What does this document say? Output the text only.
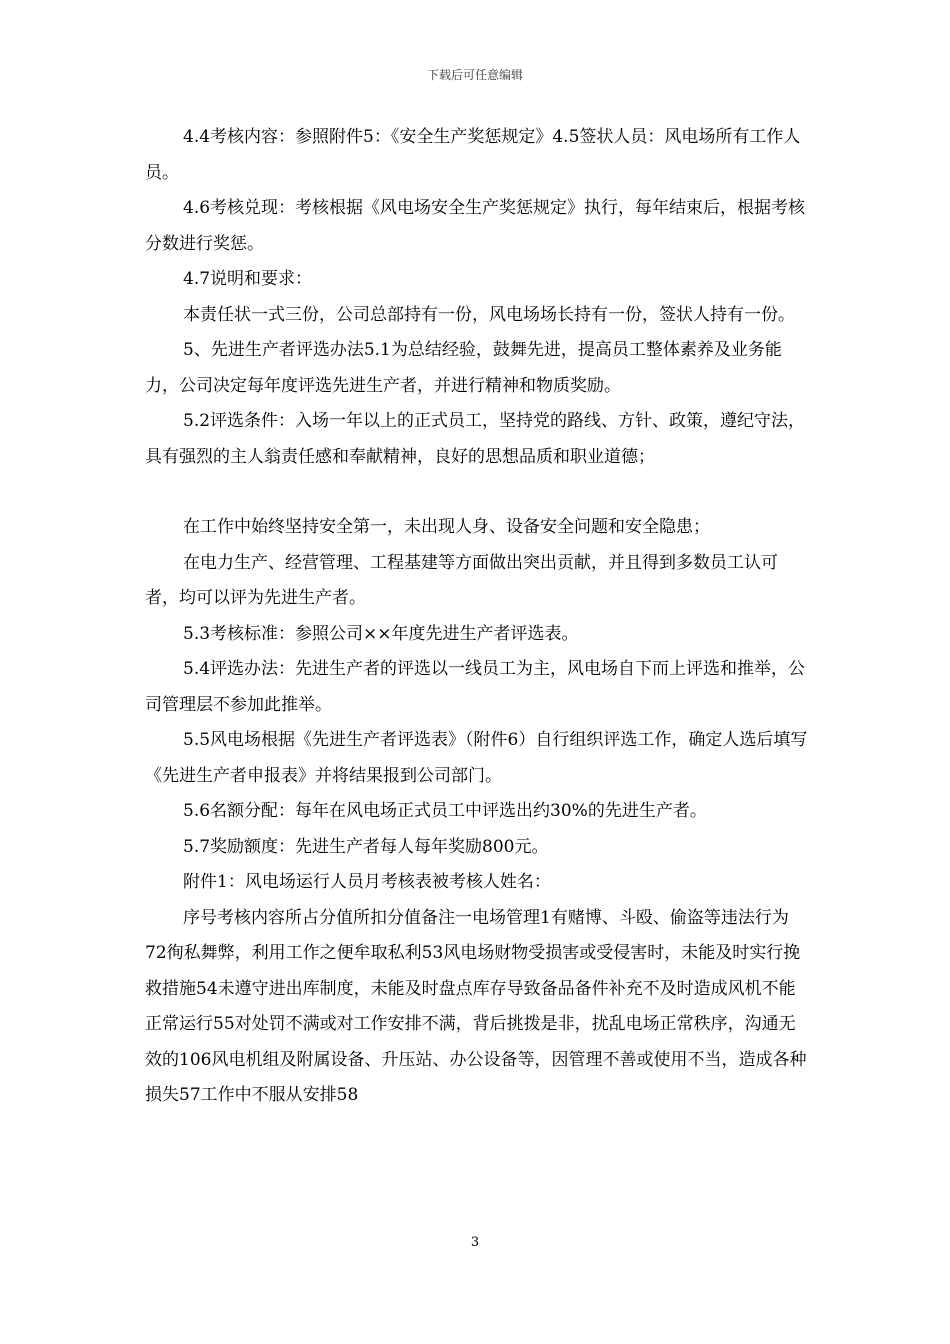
下载后可任意编辑

4.4考核内容：参照附件5：《安全生产奖惩规定》4.5签状人员：风电场所有工作人员。

4.6考核兑现：考核根据《风电场安全生产奖惩规定》执行，每年结束后，根据考核分数进行奖惩。

4.7说明和要求：

本责任状一式三份，公司总部持有一份，风电场场长持有一份，签状人持有一份。

5、先进生产者评选办法5.1为总结经验，鼓舞先进，提高员工整体素养及业务能力，公司决定每年度评选先进生产者，并进行精神和物质奖励。

5.2评选条件：入场一年以上的正式员工，坚持党的路线、方针、政策，遵纪守法，具有强烈的主人翁责任感和奉献精神，良好的思想品质和职业道德；

在工作中始终坚持安全第一，未出现人身、设备安全问题和安全隐患；

在电力生产、经营管理、工程基建等方面做出突出贡献，并且得到多数员工认可者，均可以评为先进生产者。

5.3考核标准：参照公司××年度先进生产者评选表。

5.4评选办法：先进生产者的评选以一线员工为主，风电场自下而上评选和推举，公司管理层不参加此推举。

5.5风电场根据《先进生产者评选表》（附件6）自行组织评选工作，确定人选后填写《先进生产者申报表》并将结果报到公司部门。

5.6名额分配：每年在风电场正式员工中评选出约30%的先进生产者。

5.7奖励额度：先进生产者每人每年奖励800元。

附件1：风电场运行人员月考核表被考核人姓名：

序号考核内容所占分值所扣分值备注一电场管理1有赌博、斗殴、偷盗等违法行为72徇私舞弊，利用工作之便牟取私利53风电场财物受损害或受侵害时，未能及时实行挽救措施54未遵守进出库制度，未能及时盘点库存导致备品备件补充不及时造成风机不能正常运行55对处罚不满或对工作安排不满，背后挑拨是非，扰乱电场正常秩序，沟通无效的106风电机组及附属设备、升压站、办公设备等，因管理不善或使用不当，造成各种损失57工作中不服从安排58

3
